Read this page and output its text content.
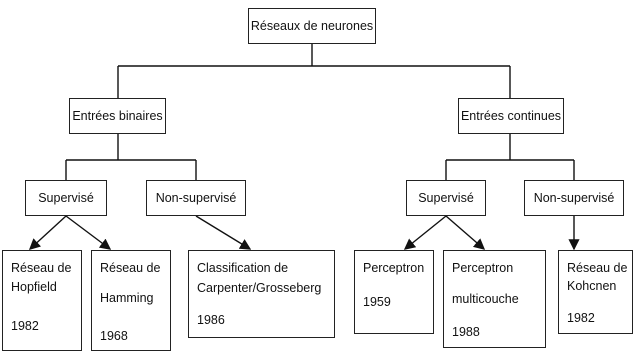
Réseaux de neurones
Entrées binaires	Entrées continues
Supervisé	Non-supervisé	Supervisé	Non-supervisé
Réseau de
Hopfield
1982
Réseau de
Hamming
1968
Classification de
Carpenter/Grosseberg
1986
Perceptron
1959
Perceptron
multicouche
1988
Réseau de
Kohcnen
1982
